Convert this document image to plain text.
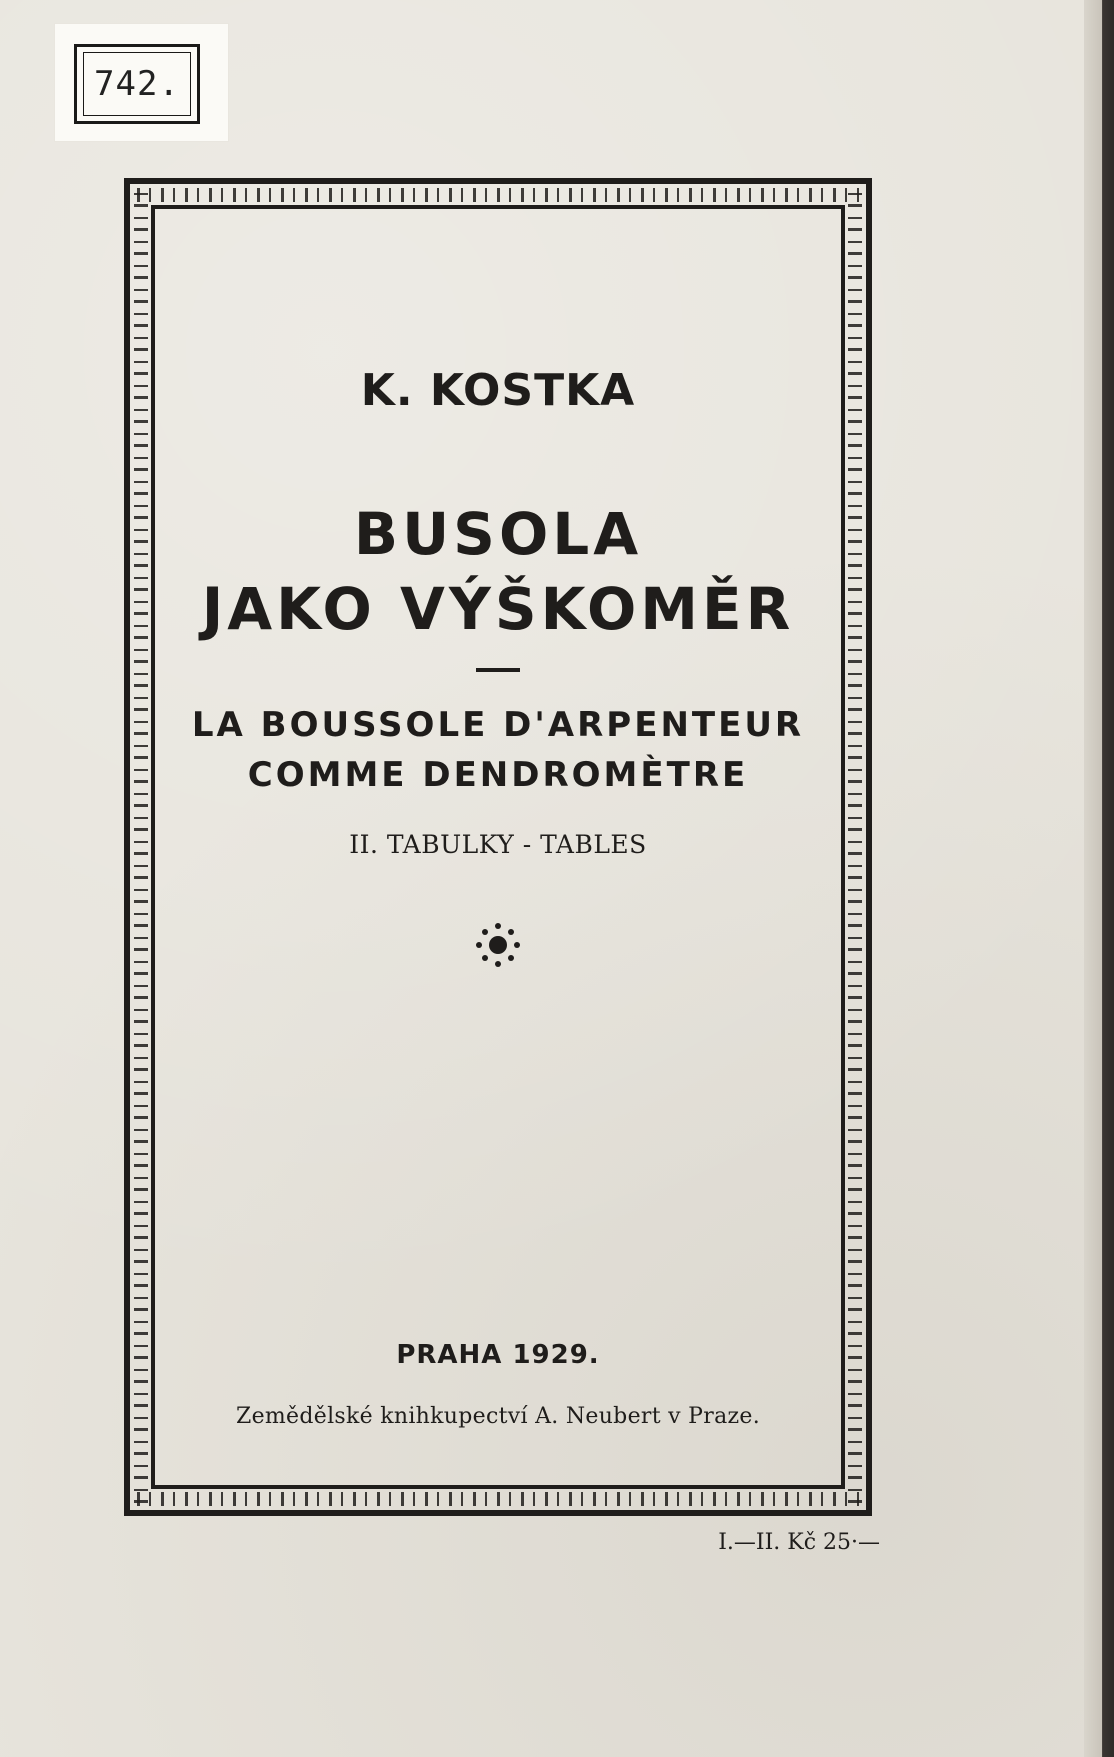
742.
K. KOSTKA
BUSOLA
JAKO VÝŠKOMĚR
LA BOUSSOLE D'ARPENTEUR
COMME DENDROMÈTRE
II. TABULKY - TABLES
PRAHA 1929.
Zemědělské knihkupectví A. Neubert v Praze.
I.—II. Kč 25·—
